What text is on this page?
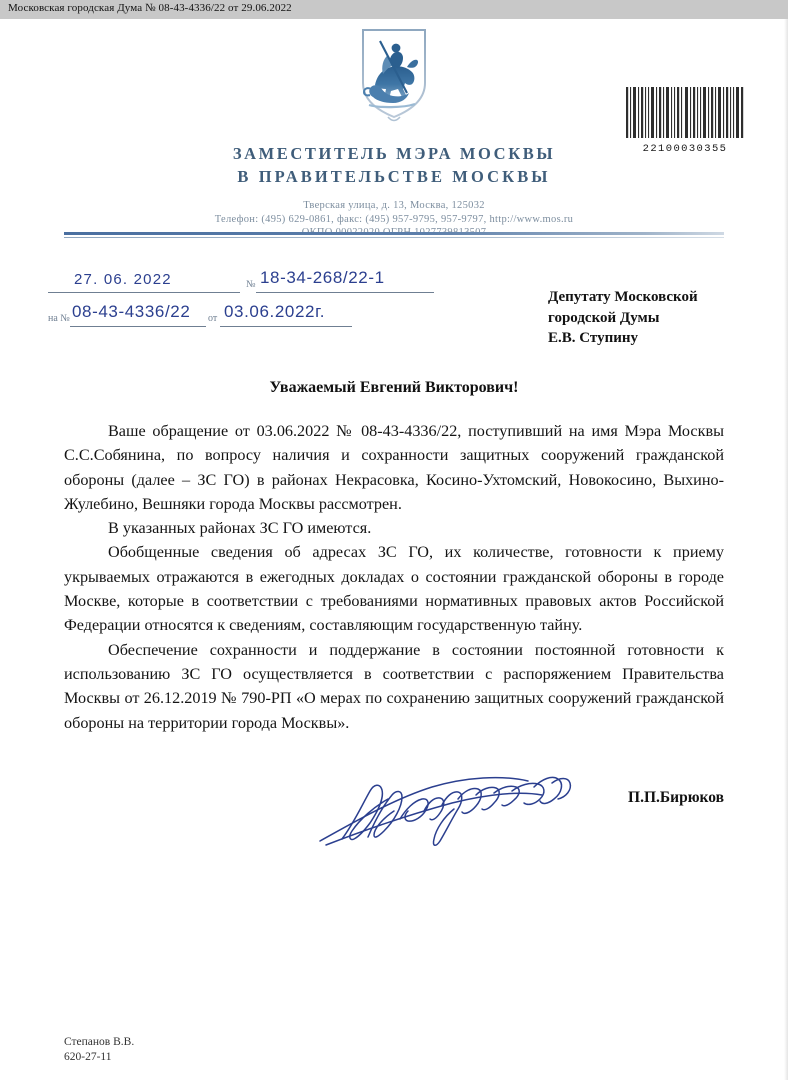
Московская городская Дума № 08-43-4336/22 от 29.06.2022
ЗАМЕСТИТЕЛЬ МЭРА МОСКВЫ
В ПРАВИТЕЛЬСТВЕ МОСКВЫ
Тверская улица, д. 13, Москва, 125032
Телефон: (495) 629-0861, факс: (495) 957-9795, 957-9797, http://www.mos.ru
22100030355
27. 06. 2022	№ 18-34-268/22-1
на № 08-43-4336/22 от 03.06.2022г.
Депутату Московской
городской Думы
Е.В. Ступину
Уважаемый Евгений Викторович!

Ваше обращение от 03.06.2022 № 08-43-4336/22, поступивший на имя Мэра Москвы С.С.Собянина, по вопросу наличия и сохранности защитных сооружений гражданской обороны (далее – ЗС ГО) в районах Некрасовка, Косино-Ухтомский, Новокосино, Выхино-Жулебино, Вешняки города Москвы рассмотрен.

В указанных районах ЗС ГО имеются.

Обобщенные сведения об адресах ЗС ГО, их количестве, готовности к приему укрываемых отражаются в ежегодных докладах о состоянии гражданской обороны в городе Москве, которые в соответствии с требованиями нормативных правовых актов Российской Федерации относятся к сведениям, составляющим государственную тайну.

Обеспечение сохранности и поддержание в состоянии постоянной готовности к использованию ЗС ГО осуществляется в соответствии с распоряжением Правительства Москвы от 26.12.2019 № 790-РП «О мерах по сохранению защитных сооружений гражданской обороны на территории города Москвы».

П.П.Бирюков
Степанов В.В.
620-27-11
